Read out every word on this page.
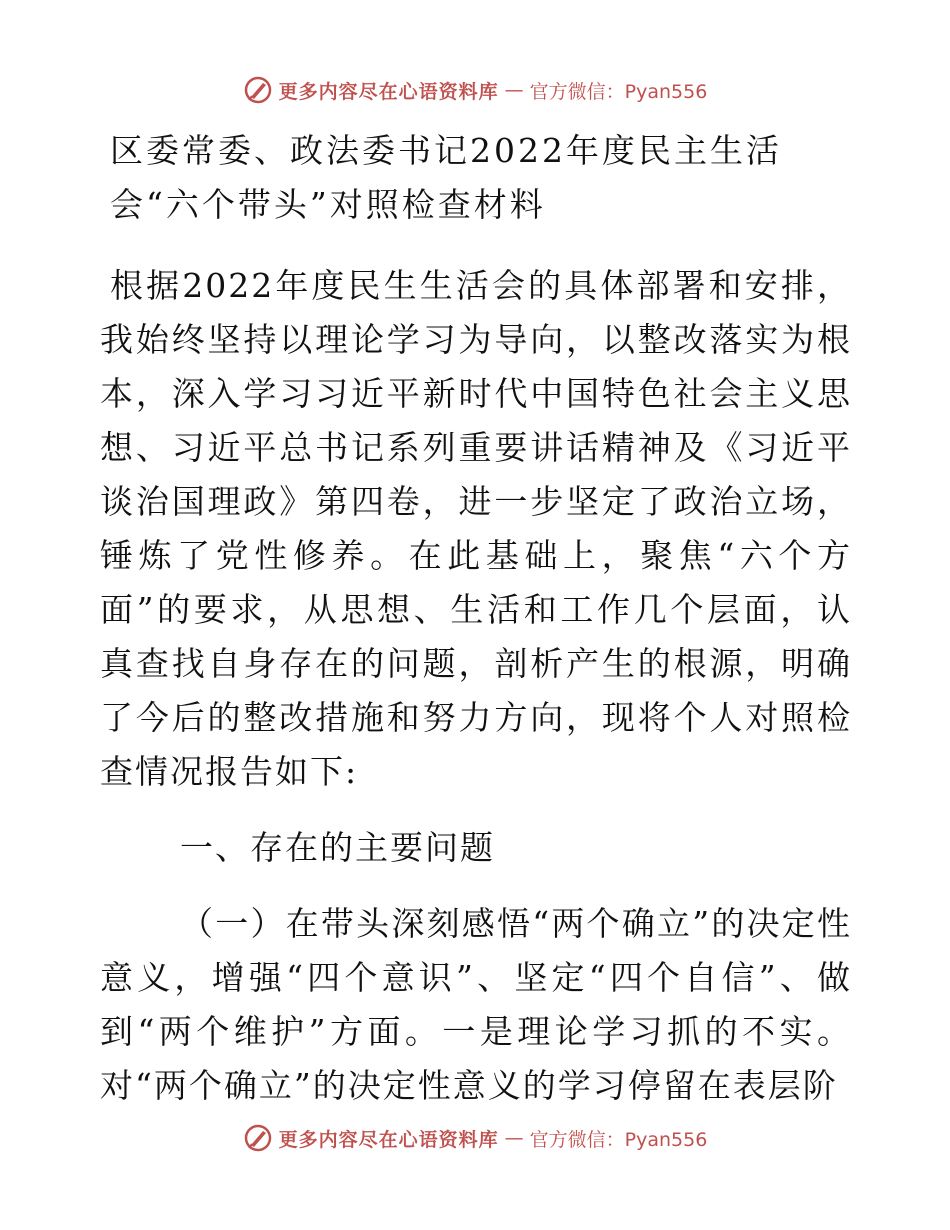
更多内容尽在心语资料库 — 官方微信：Pyan556
区委常委、政法委书记2022年度民主生活会“六个带头”对照检查材料

根据2022年度民生生活会的具体部署和安排，我始终坚持以理论学习为导向，以整改落实为根本，深入学习习近平新时代中国特色社会主义思想、习近平总书记系列重要讲话精神及《习近平谈治国理政》第四卷，进一步坚定了政治立场，锤炼了党性修养。在此基础上，聚焦“六个方面”的要求，从思想、生活和工作几个层面，认真查找自身存在的问题，剖析产生的根源，明确了今后的整改措施和努力方向，现将个人对照检查情况报告如下:

一、存在的主要问题

（一）在带头深刻感悟“两个确立”的决定性意义，增强“四个意识”、坚定“四个自信”、做到“两个维护”方面。一是理论学习抓的不实。对“两个确立”的决定性意义的学习停留在表层阶

更多内容尽在心语资料库 — 官方微信：Pyan556
